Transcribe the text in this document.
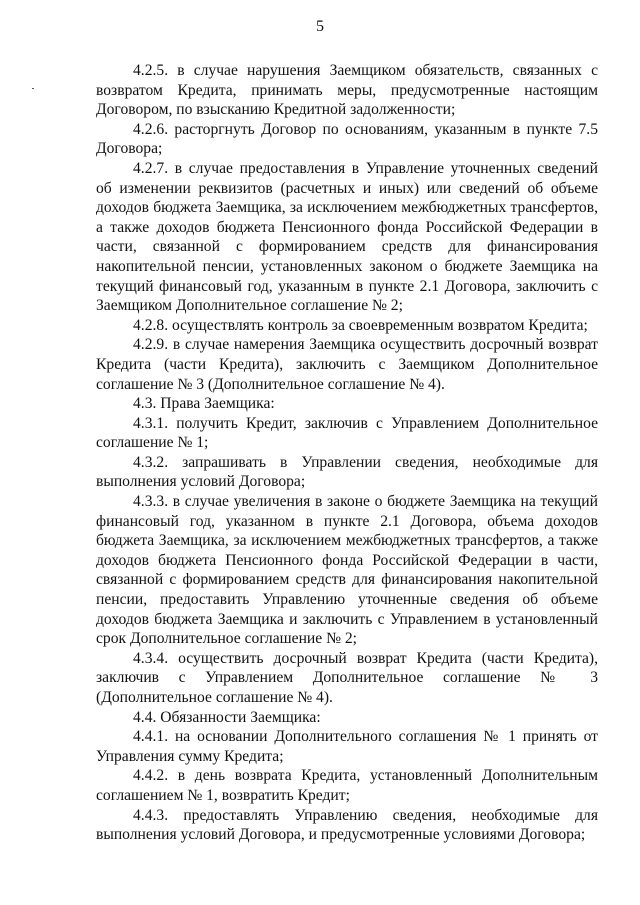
5

4.2.5. в случае нарушения Заемщиком обязательств, связанных с возвратом Кредита, принимать меры, предусмотренные настоящим Договором, по взысканию Кредитной задолженности;

4.2.6. расторгнуть Договор по основаниям, указанным в пункте 7.5 Договора;

4.2.7. в случае предоставления в Управление уточненных сведений об изменении реквизитов (расчетных и иных) или сведений об объеме доходов бюджета Заемщика, за исключением межбюджетных трансфертов, а также доходов бюджета Пенсионного фонда Российской Федерации в части, связанной с формированием средств для финансирования накопительной пенсии, установленных законом о бюджете Заемщика на текущий финансовый год, указанным в пункте 2.1 Договора, заключить с Заемщиком Дополнительное соглашение № 2;

4.2.8. осуществлять контроль за своевременным возвратом Кредита;

4.2.9. в случае намерения Заемщика осуществить досрочный возврат Кредита (части Кредита), заключить с Заемщиком Дополнительное соглашение № 3 (Дополнительное соглашение № 4).

4.3. Права Заемщика:

4.3.1. получить Кредит, заключив с Управлением Дополнительное соглашение № 1;

4.3.2. запрашивать в Управлении сведения, необходимые для выполнения условий Договора;

4.3.3. в случае увеличения в законе о бюджете Заемщика на текущий финансовый год, указанном в пункте 2.1 Договора, объема доходов бюджета Заемщика, за исключением межбюджетных трансфертов, а также доходов бюджета Пенсионного фонда Российской Федерации в части, связанной с формированием средств для финансирования накопительной пенсии, предоставить Управлению уточненные сведения об объеме доходов бюджета Заемщика и заключить с Управлением в установленный срок Дополнительное соглашение № 2;

4.3.4. осуществить досрочный возврат Кредита (части Кредита), заключив с Управлением Дополнительное соглашение № 3 (Дополнительное соглашение № 4).

4.4. Обязанности Заемщика:

4.4.1. на основании Дополнительного соглашения № 1 принять от Управления сумму Кредита;

4.4.2. в день возврата Кредита, установленный Дополнительным соглашением № 1, возвратить Кредит;

4.4.3. предоставлять Управлению сведения, необходимые для выполнения условий Договора, и предусмотренные условиями Договора;
